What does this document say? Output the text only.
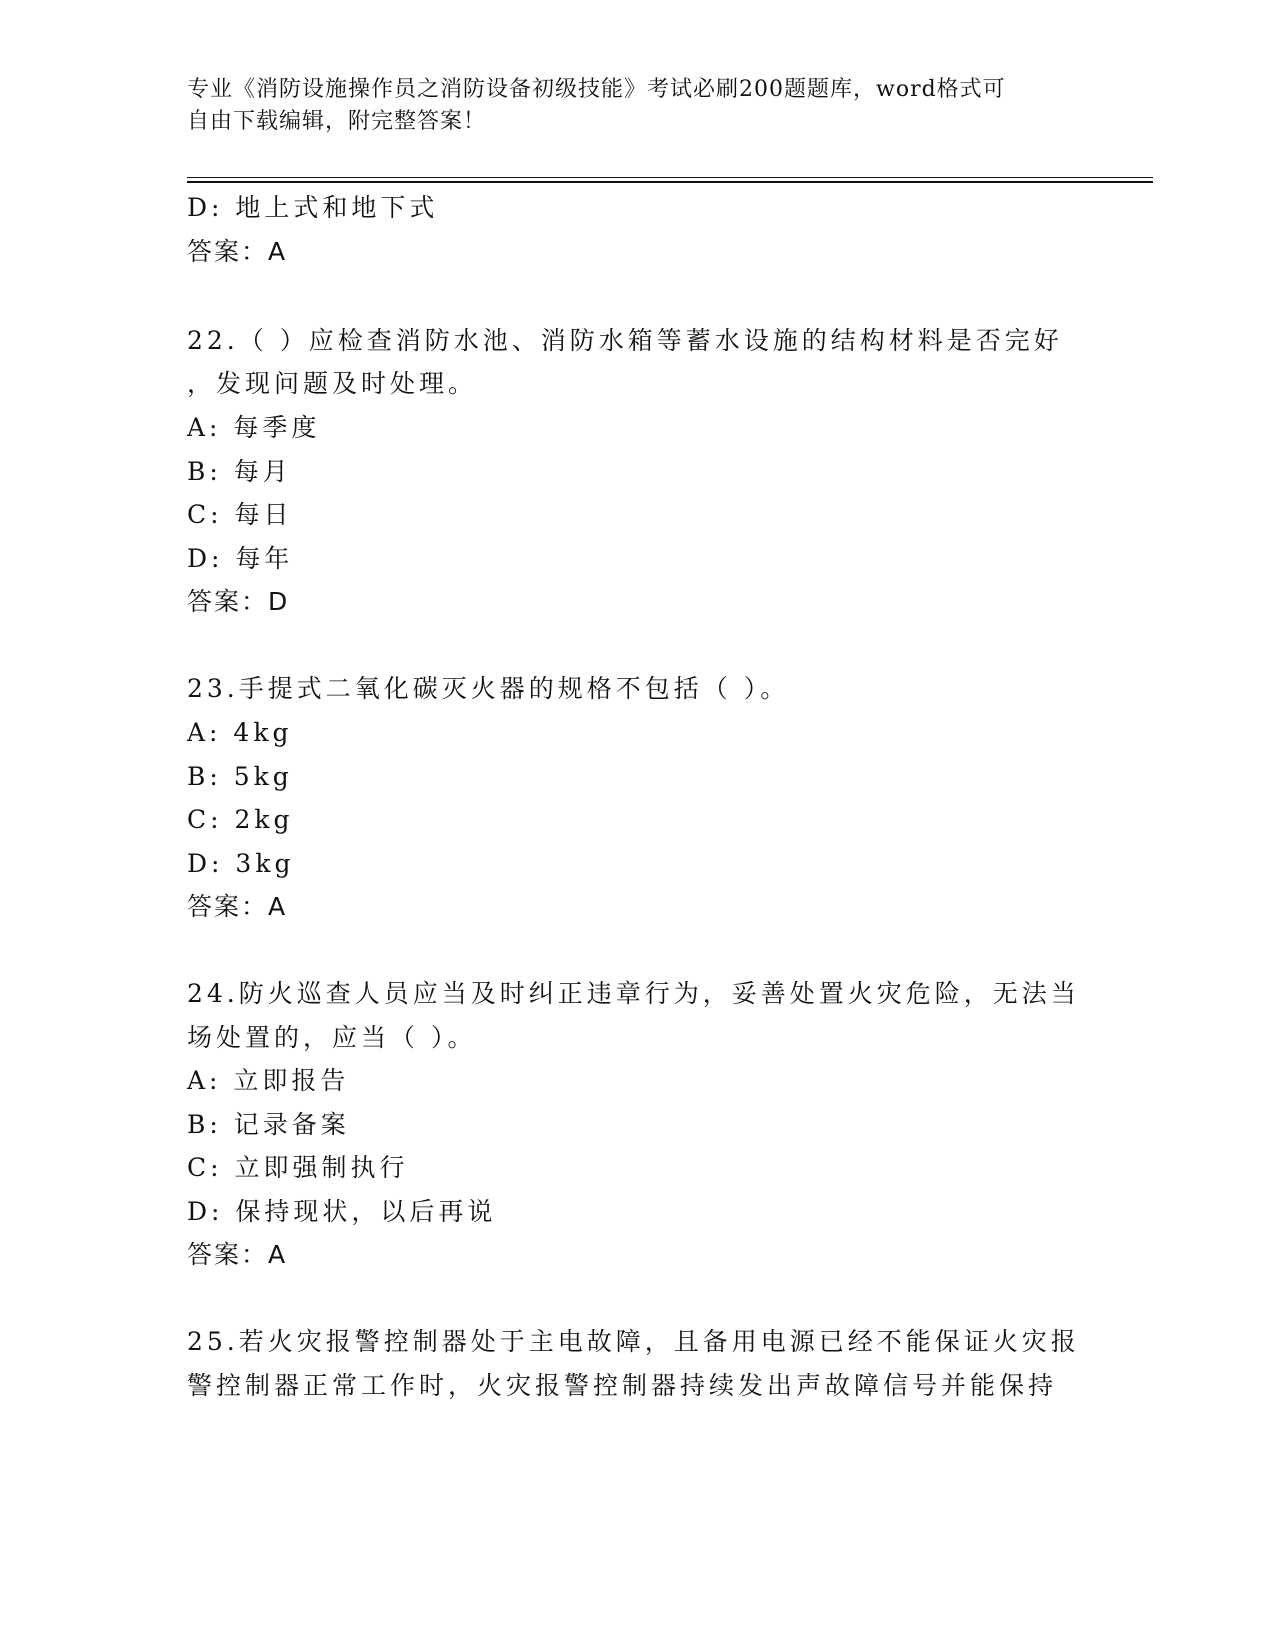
专业《消防设施操作员之消防设备初级技能》考试必刷200题题库，word格式可
自由下载编辑，附完整答案！
D: 地上式和地下式
答案：A
22.（ ）应检查消防水池、消防水箱等蓄水设施的结构材料是否完好
，发现问题及时处理。
A: 每季度
B: 每月
C: 每日
D: 每年
答案：D
23.手提式二氧化碳灭火器的规格不包括（ ）。
A: 4kg
B: 5kg
C: 2kg
D: 3kg
答案：A
24.防火巡查人员应当及时纠正违章行为，妥善处置火灾危险，无法当
场处置的，应当（ ）。
A: 立即报告
B: 记录备案
C: 立即强制执行
D: 保持现状，以后再说
答案：A
25.若火灾报警控制器处于主电故障，且备用电源已经不能保证火灾报
警控制器正常工作时，火灾报警控制器持续发出声故障信号并能保持
